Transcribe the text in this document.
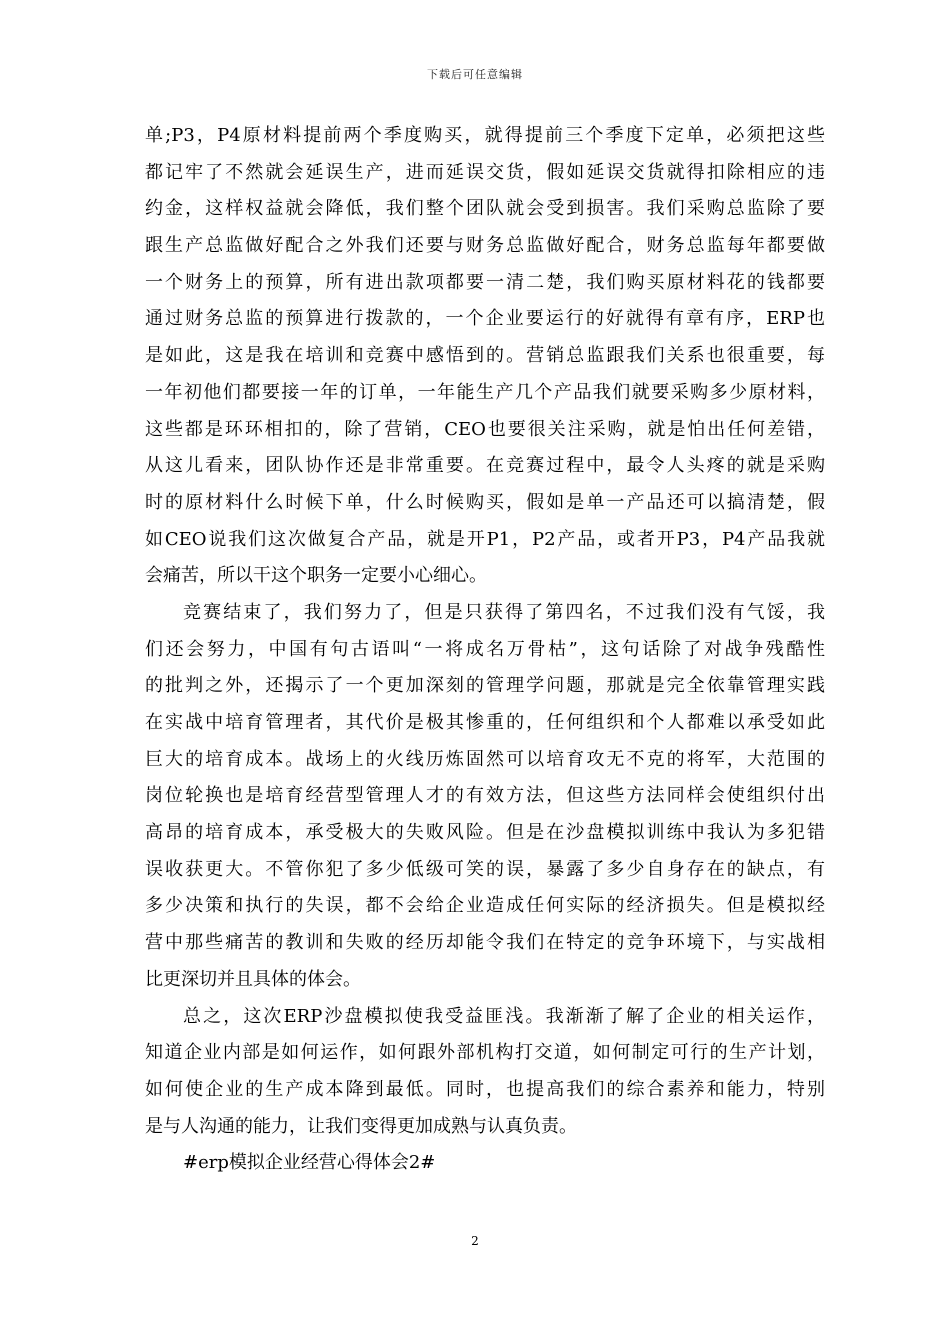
下载后可任意编辑
单;P3，P4原材料提前两个季度购买，就得提前三个季度下定单，必须把这些
都记牢了不然就会延误生产，进而延误交货，假如延误交货就得扣除相应的违
约金，这样权益就会降低，我们整个团队就会受到损害。我们采购总监除了要
跟生产总监做好配合之外我们还要与财务总监做好配合，财务总监每年都要做
一个财务上的预算，所有进出款项都要一清二楚，我们购买原材料花的钱都要
通过财务总监的预算进行拨款的，一个企业要运行的好就得有章有序，ERP也
是如此，这是我在培训和竞赛中感悟到的。营销总监跟我们关系也很重要，每
一年初他们都要接一年的订单，一年能生产几个产品我们就要采购多少原材料，
这些都是环环相扣的，除了营销，CEO也要很关注采购，就是怕出任何差错，
从这儿看来，团队协作还是非常重要。在竞赛过程中，最令人头疼的就是采购
时的原材料什么时候下单，什么时候购买，假如是单一产品还可以搞清楚，假
如CEO说我们这次做复合产品，就是开P1，P2产品，或者开P3，P4产品我就
会痛苦，所以干这个职务一定要小心细心。
竞赛结束了，我们努力了，但是只获得了第四名，不过我们没有气馁，我
们还会努力，中国有句古语叫“一将成名万骨枯”，这句话除了对战争残酷性
的批判之外，还揭示了一个更加深刻的管理学问题，那就是完全依靠管理实践
在实战中培育管理者，其代价是极其惨重的，任何组织和个人都难以承受如此
巨大的培育成本。战场上的火线历炼固然可以培育攻无不克的将军，大范围的
岗位轮换也是培育经营型管理人才的有效方法，但这些方法同样会使组织付出
高昂的培育成本，承受极大的失败风险。但是在沙盘模拟训练中我认为多犯错
误收获更大。不管你犯了多少低级可笑的误，暴露了多少自身存在的缺点，有
多少决策和执行的失误，都不会给企业造成任何实际的经济损失。但是模拟经
营中那些痛苦的教训和失败的经历却能令我们在特定的竞争环境下，与实战相
比更深切并且具体的体会。
总之，这次ERP沙盘模拟使我受益匪浅。我渐渐了解了企业的相关运作，
知道企业内部是如何运作，如何跟外部机构打交道，如何制定可行的生产计划，
如何使企业的生产成本降到最低。同时，也提高我们的综合素养和能力，特别
是与人沟通的能力，让我们变得更加成熟与认真负责。
#erp模拟企业经营心得体会2#
2
